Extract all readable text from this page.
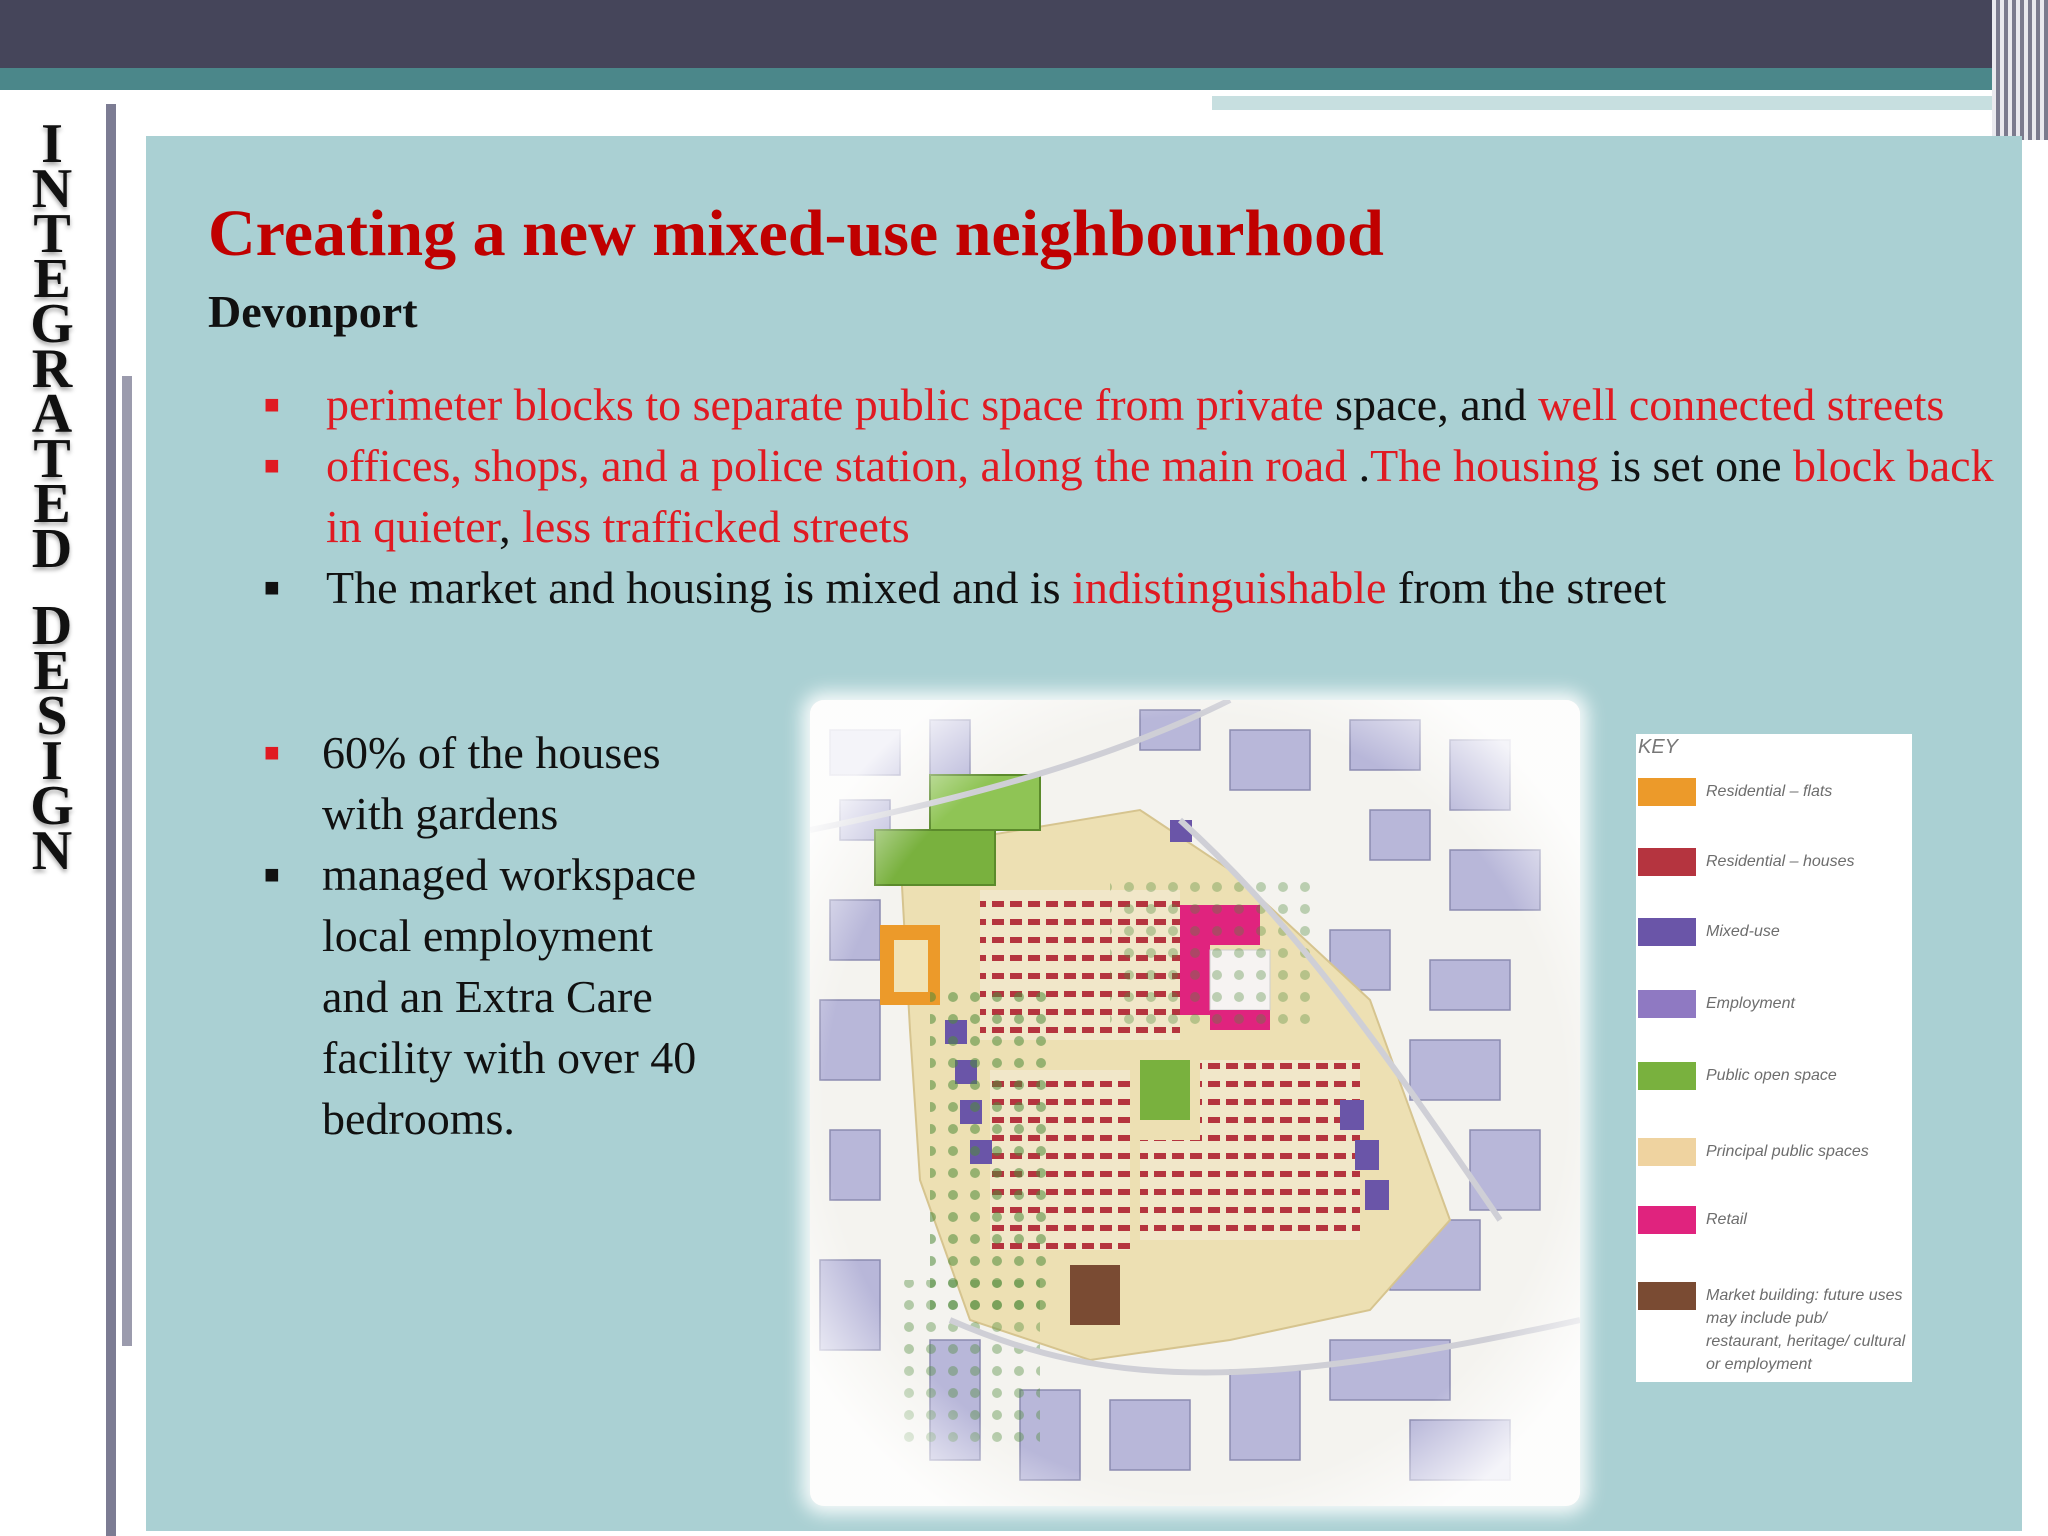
I
N
T
E
G
R
A
T
E
D
D
E
S
I
G
N
Creating a new mixed-use neighbourhood
Devonport
■ perimeter blocks to separate public space from private space, and well connected streets
■ offices, shops, and a police station, along the main road .The housing is set one block back in quieter, less trafficked streets
■ The market and housing is mixed and is indistinguishable from the street
■ 60% of the houses
with gardens
■ managed workspace
local employment
and an Extra Care
facility with over 40
bedrooms.
KEY
Residential – flats
Residential – houses
Mixed-use
Employment
Public open space
Principal public spaces
Retail
Market building: future uses may include pub/ restaurant, heritage/ cultural or employment
